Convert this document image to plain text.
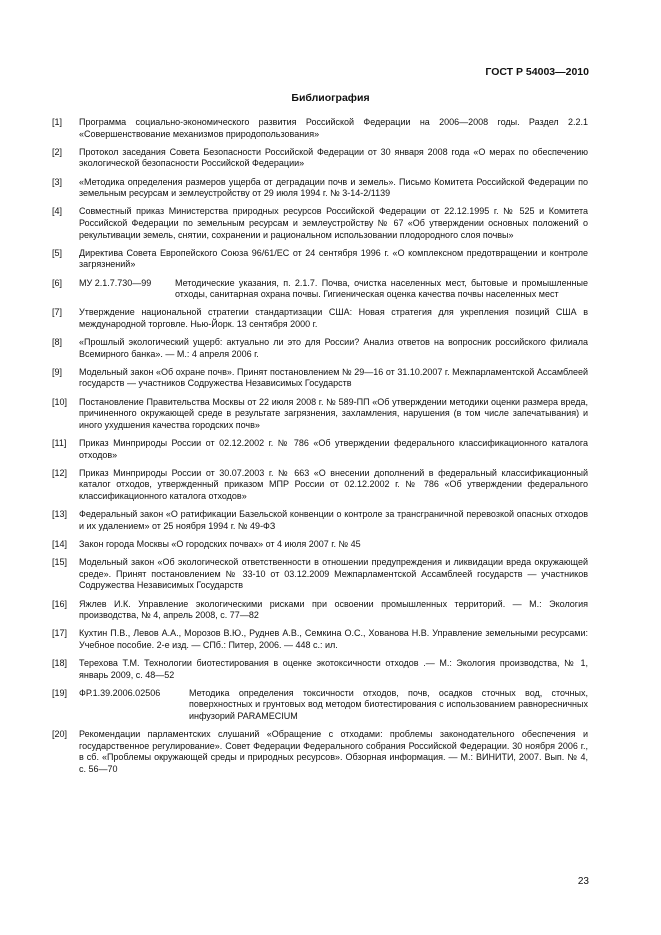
ГОСТ Р 54003—2010
Библиография
[1]	Программа социально-экономического развития Российской Федерации на 2006—2008 годы. Раздел 2.2.1 «Совершенствование механизмов природопользования»
[2]	Протокол заседания Совета Безопасности Российской Федерации от 30 января 2008 года «О мерах по обеспечению экологической безопасности Российской Федерации»
[3]	«Методика определения размеров ущерба от деградации почв и земель». Письмо Комитета Российской Федерации по земельным ресурсам и землеустройству от 29 июля 1994 г. № 3-14-2/1139
[4]	Совместный приказ Министерства природных ресурсов Российской Федерации от 22.12.1995 г. № 525 и Комитета Российской Федерации по земельным ресурсам и землеустройству № 67 «Об утверждении основных положений о рекультивации земель, снятии, сохранении и рациональном использовании плодородного слоя почвы»
[5]	Директива Совета Европейского Союза 96/61/ЕС от 24 сентября 1996 г. «О комплексном предотвращении и контроле загрязнений»
[6]	МУ 2.1.7.730—99	Методические указания, п. 2.1.7. Почва, очистка населенных мест, бытовые и промышленные отходы, санитарная охрана почвы. Гигиеническая оценка качества почвы населенных мест
[7]	Утверждение национальной стратегии стандартизации США: Новая стратегия для укрепления позиций США в международной торговле. Нью-Йорк. 13 сентября 2000 г.
[8]	«Прошлый экологический ущерб: актуально ли это для России? Анализ ответов на вопросник российского филиала Всемирного банка». — М.: 4 апреля 2006 г.
[9]	Модельный закон «Об охране почв». Принят постановлением № 29—16 от 31.10.2007 г. Межпарламентской Ассамблеей государств — участников Содружества Независимых Государств
[10]	Постановление Правительства Москвы от 22 июля 2008 г. № 589-ПП «Об утверждении методики оценки размера вреда, причиненного окружающей среде в результате загрязнения, захламления, нарушения (в том числе запечатывания) и иного ухудшения качества городских почв»
[11]	Приказ Минприроды России от 02.12.2002 г. № 786 «Об утверждении федерального классификационного каталога отходов»
[12]	Приказ Минприроды России от 30.07.2003 г. № 663 «О внесении дополнений в федеральный классификационный каталог отходов, утвержденный приказом МПР России от 02.12.2002 г. № 786 «Об утверждении федерального классификационного каталога отходов»
[13]	Федеральный закон «О ратификации Базельской конвенции о контроле за трансграничной перевозкой опасных отходов и их удалением» от 25 ноября 1994 г. № 49-ФЗ
[14]	Закон города Москвы «О городских почвах» от 4 июля 2007 г. № 45
[15]	Модельный закон «Об экологической ответственности в отношении предупреждения и ликвидации вреда окружающей среде». Принят постановлением № 33-10 от 03.12.2009 Межпарламентской Ассамблеей государств — участников Содружества Независимых Государств
[16]	Яжлев И.К. Управление экологическими рисками при освоении промышленных территорий. — М.: Экология производства, № 4, апрель 2008, с. 77—82
[17]	Кухтин П.В., Левов А.А., Морозов В.Ю., Руднев А.В., Семкина О.С., Хованова Н.В. Управление земельными ресурсами: Учебное пособие. 2-е изд. — СПб.: Питер, 2006. — 448 с.: ил.
[18]	Терехова Т.М. Технологии биотестирования в оценке экотоксичности отходов .— М.: Экология производства, № 1, январь 2009, с. 48—52
[19]	ФР.1.39.2006.02506	Методика определения токсичности отходов, почв, осадков сточных вод, сточных, поверхностных и грунтовых вод методом биотестирования с использованием равноресничных инфузорий PARAMECIUM
[20]	Рекомендации парламентских слушаний «Обращение с отходами: проблемы законодательного обеспечения и государственное регулирование». Совет Федерации Федерального собрания Российской Федерации. 30 ноября 2006 г., в сб. «Проблемы окружающей среды и природных ресурсов». Обзорная информация. — М.: ВИНИТИ, 2007. Вып. № 4, с. 56—70
23
